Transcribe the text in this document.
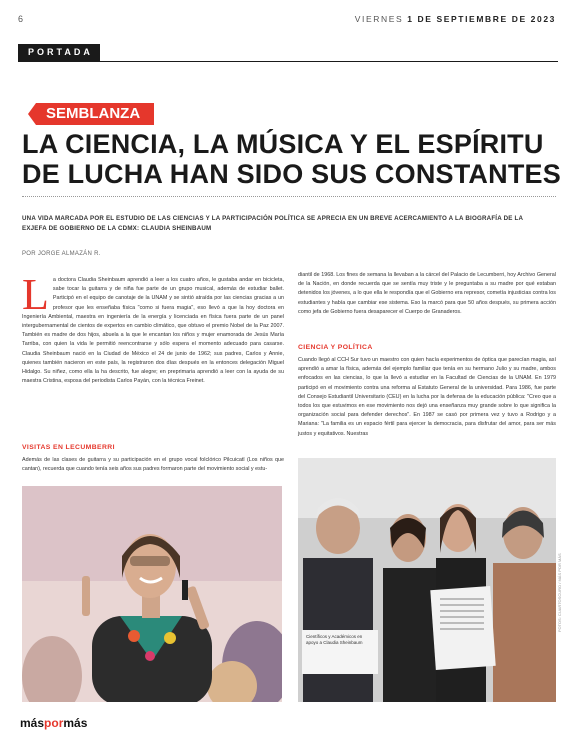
6	VIERNES 1 DE SEPTIEMBRE DE 2023
PORTADA
SEMBLANZA
LA CIENCIA, LA MÚSICA Y EL ESPÍRITU DE LUCHA HAN SIDO SUS CONSTANTES
UNA VIDA MARCADA POR EL ESTUDIO DE LAS CIENCIAS Y LA PARTICIPACIÓN POLÍTICA SE APRECIA EN UN BREVE ACERCAMIENTO A LA BIOGRAFÍA DE LA EXJEFA DE GOBIERNO DE LA CDMX: CLAUDIA SHEINBAUM
POR JORGE ALMAZÁN R.
L a doctora Claudia Sheinbaum aprendió a leer a los cuatro años, le gustaba andar en bicicleta, sabe tocar la guitarra y de niña fue parte de un grupo musical, además de estudiar ballet. Participó en el equipo de canotaje de la UNAM y se sintió atraída por las ciencias gracias a un profesor que les enseñaba física "como si fuera magia", eso llevó a que la hoy doctora en Ingeniería Ambiental, maestra en ingeniería de la energía y licenciada en física fuera parte de un panel intergubernamental de cientos de expertos en cambio climático, que obtuvo el premio Nobel de la Paz 2007. También es madre de dos hijos, abuela a la que le encantan los niños y mujer enamorada de Jesús María Tarriba, con quien la vida le permitió reencontrarse y sólo espera el momento adecuado para casarse. Claudia Sheinbaum nació en la Ciudad de México el 24 de junio de 1962; sus padres, Carlos y Annie, quienes también nacieron en este país, la registraron dos días después en la entonces delegación Miguel Hidalgo. Su niñez, como ella la ha descrito, fue alegre; en preprimaria aprendió a leer con la ayuda de su maestra Cristina, esposa del periodista Carlos Payán, con la técnica Freinet.
VISITAS EN LECUMBERRI
Además de las clases de guitarra y su participación en el grupo vocal folclórico Pilcuicatl (Los niños que cantan), recuerda que cuando tenía seis años sus padres formaron parte del movimiento social y estu-
diantil de 1968. Los fines de semana la llevaban a la cárcel del Palacio de Lecumberri, hoy Archivo General de la Nación, en donde recuerda que se sentía muy triste y le preguntaba a su madre por qué estaban detenidos los jóvenes, a lo que ella le respondía que el Gobierno era represor, cometía injusticias contra los estudiantes y había que cambiar ese sistema. Eso la marcó para que 50 años después, su primera acción como jefa de Gobierno fuera desaparecer el Cuerpo de Granaderos.
CIENCIA Y POLÍTICA
Cuando llegó al CCH Sur tuvo un maestro con quien hacía experimentos de óptica que parecían magia, así aprendió a amar la física, además del ejemplo familiar que tenía en su hermano Julio y su madre, ambos enfocados en las ciencias, lo que la llevó a estudiar en la Facultad de Ciencias de la UNAM. En 1979 participó en el movimiento contra una reforma al Estatuto General de la universidad. Para 1986, fue parte del Consejo Estudiantil Universitario (CEU) en la lucha por la defensa de la educación pública: "Creo que a todos los que estuvimos en ese movimiento nos dejó una enseñanza muy grande sobre lo que significa la organización social para defender derechos". En 1987 se casó por primera vez y tuvo a Rodrigo y a Mariana: "La familia es un espacio fértil para ejercer la democracia, para disfrutar del amor, para ser más justos y equitativos. Nuestras
Científicos y Académicos en apoyo a Claudia Sheinbaum
FOTOS: CUARTOSCURO / MÁS POR MÁS
máspormás
